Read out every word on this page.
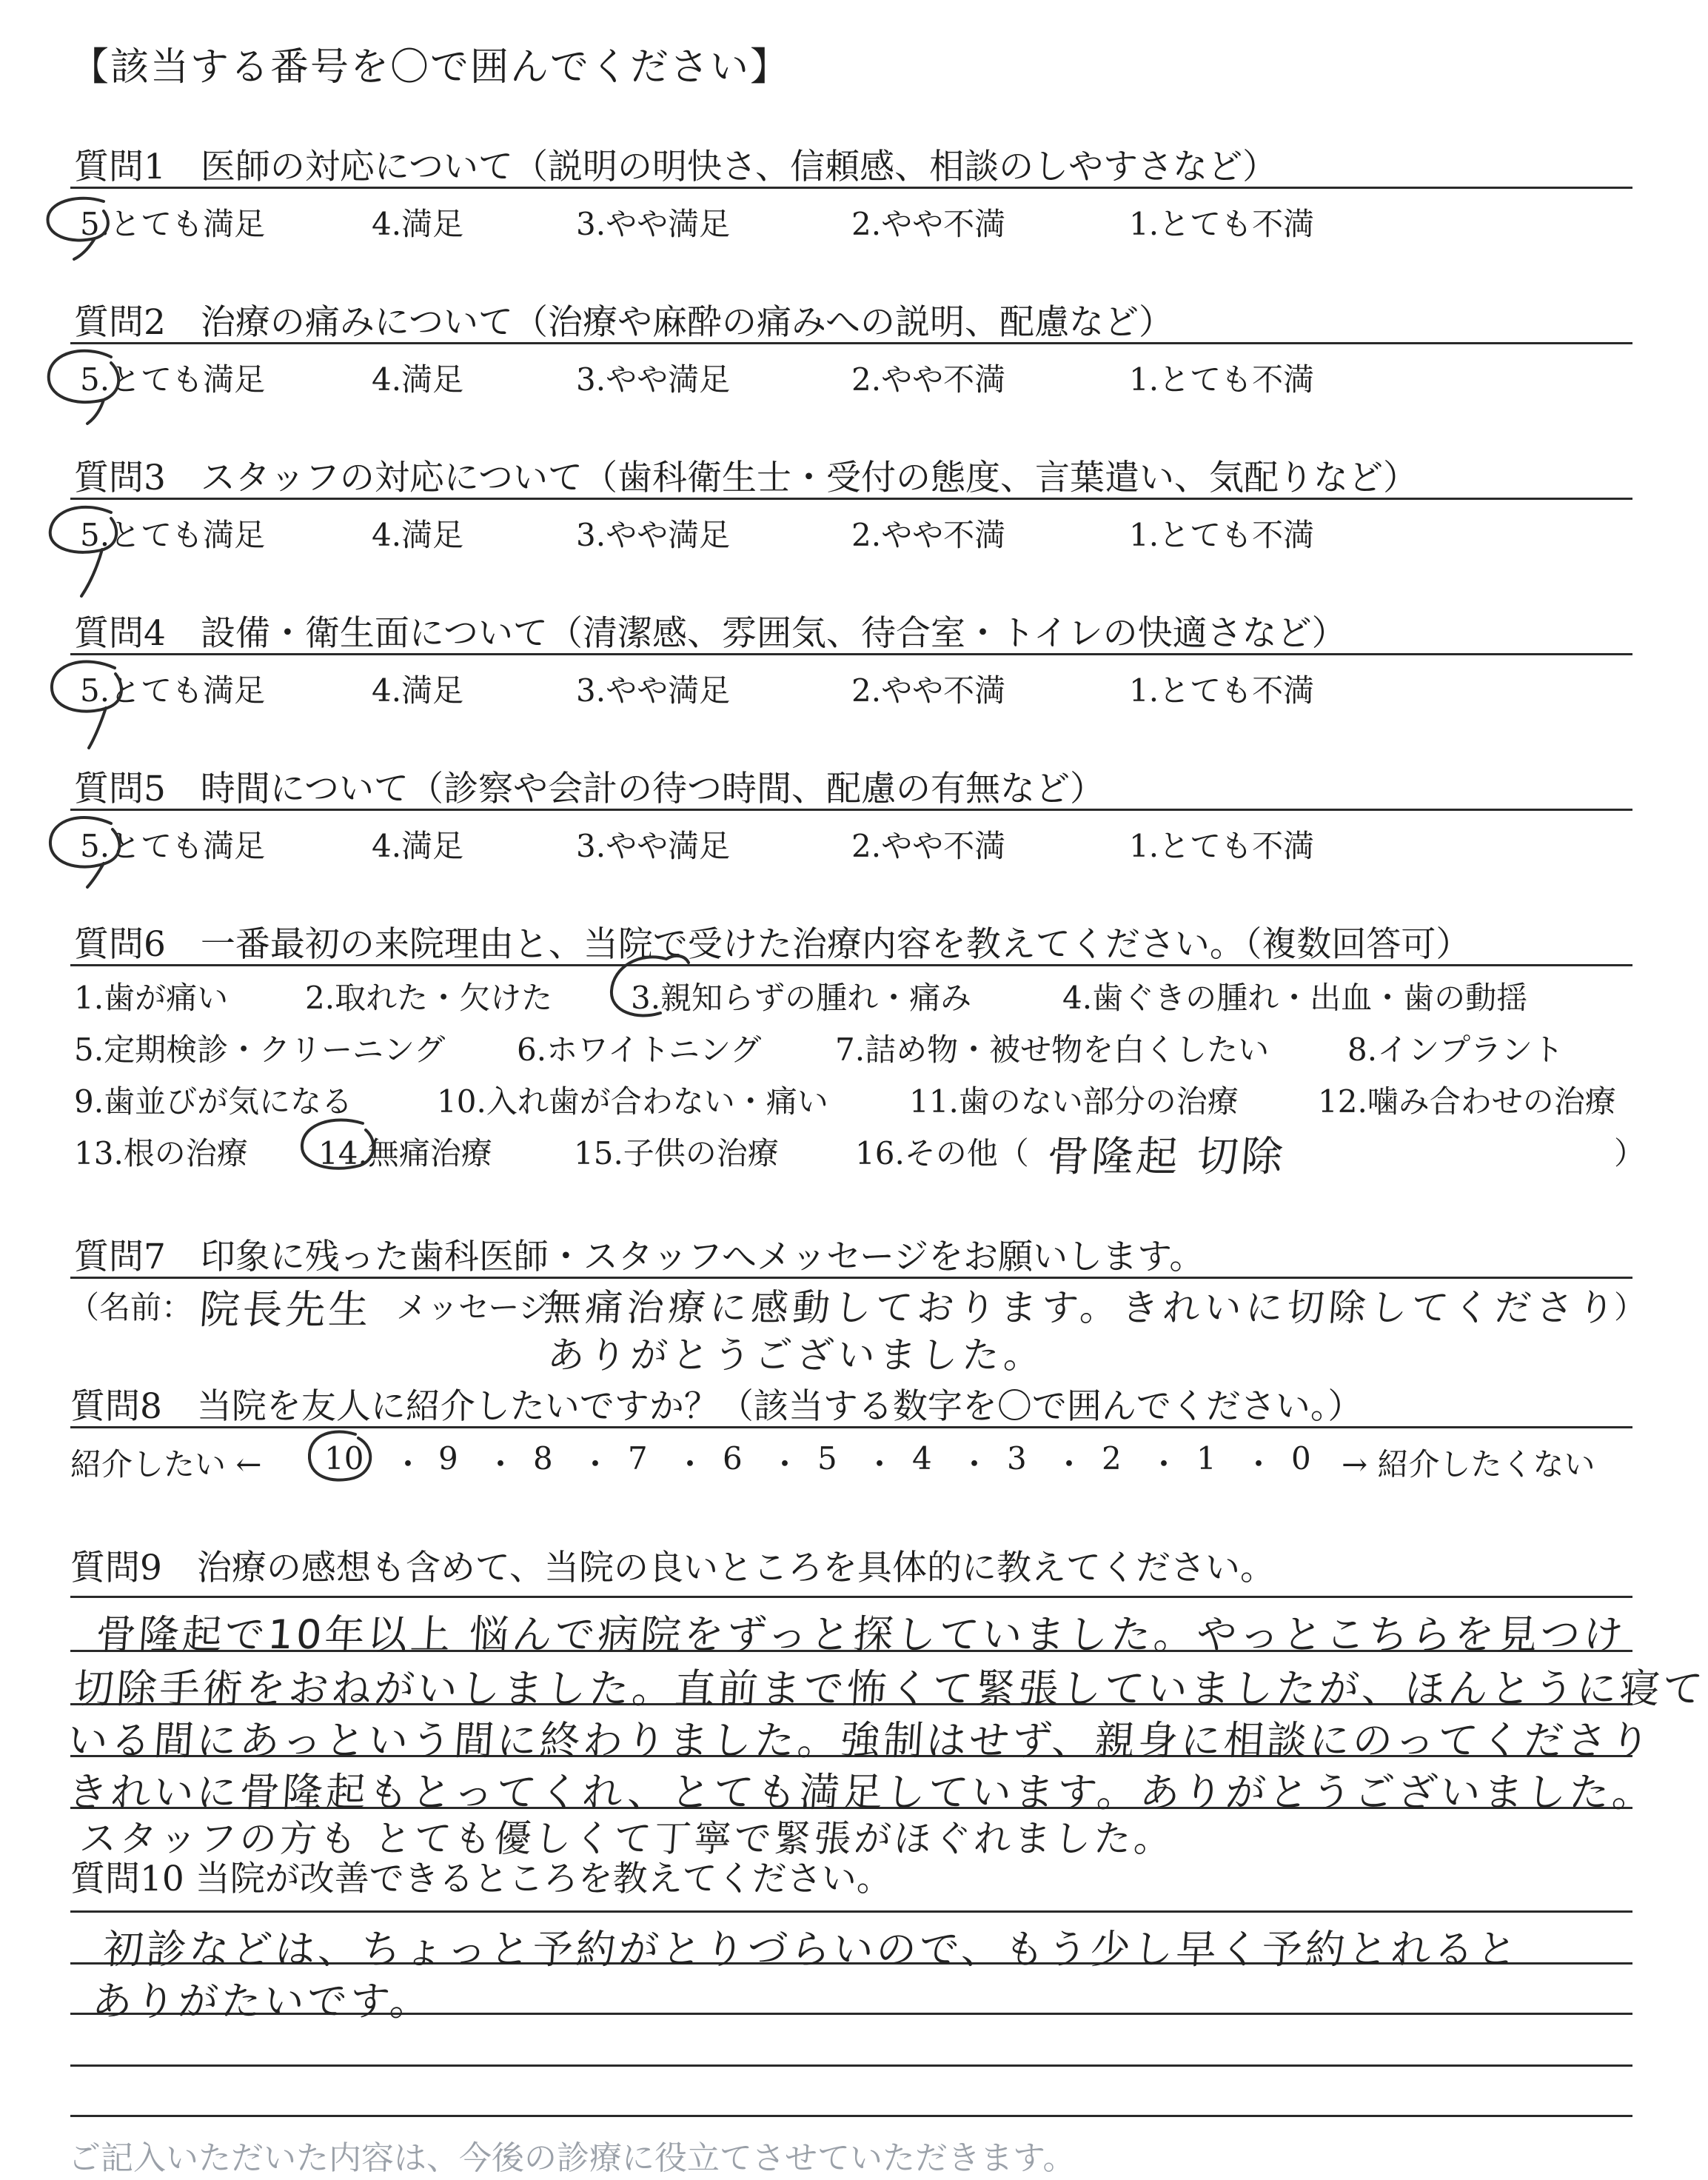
【該当する番号を〇で囲んでください】
質問1　医師の対応について（説明の明快さ、信頼感、相談のしやすさなど）
5.とても満足	4.満足	3.やや満足	2.やや不満	1.とても不満
質問2　治療の痛みについて（治療や麻酔の痛みへの説明、配慮など）
5.とても満足	4.満足	3.やや満足	2.やや不満	1.とても不満
質問3　スタッフの対応について（歯科衛生士・受付の態度、言葉遣い、気配りなど）
5.とても満足	4.満足	3.やや満足	2.やや不満	1.とても不満
質問4　設備・衛生面について（清潔感、雰囲気、待合室・トイレの快適さなど）
5.とても満足	4.満足	3.やや満足	2.やや不満	1.とても不満
質問5　時間について（診察や会計の待つ時間、配慮の有無など）
5.とても満足	4.満足	3.やや満足	2.やや不満	1.とても不満
質問6　一番最初の来院理由と、当院で受けた治療内容を教えてください。（複数回答可）
1.歯が痛い 2.取れた・欠けた	3.親知らずの腫れ・痛み	4.歯ぐきの腫れ・出血・歯の動揺
5.定期検診・クリーニング 6.ホワイトニング 7.詰め物・被せ物を白くしたい	8.インプラント
9.歯並びが気になる	10.入れ歯が合わない・痛い	11.歯のない部分の治療	12.噛み合わせの治療
13.根の治療 14.無痛治療	15.子供の治療 16.その他（ 骨隆起 切除	）
質問7　印象に残った歯科医師・スタッフへメッセージをお願いします。
（名前： 院長先生 メッセージ：
無痛治療に感動しております。きれいに切除してくださり
ありがとうございました。
）
質問8　当院を友人に紹介したいですか？（該当する数字を〇で囲んでください。）
紹介したい ← 10 ・ 9 ・ 8 ・ 7 ・ 6 ・ 5 ・ 4 ・ 3 ・ 2 ・ 1 ・ 0 → 紹介したくない
質問9　治療の感想も含めて、当院の良いところを具体的に教えてください。
骨隆起で10年以上 悩んで病院をずっと探していました。やっとこちらを見つけ
切除手術をおねがいしました。直前まで怖くて緊張していましたが、ほんとうに寝て
いる間にあっという間に終わりました。強制はせず、親身に相談にのってくださり
きれいに骨隆起もとってくれ、とても満足しています。ありがとうございました。
スタッフの方も とても優しくて丁寧で緊張がほぐれました。
質問10 当院が改善できるところを教えてください。
初診などは、ちょっと予約がとりづらいので、もう少し早く予約とれると
ありがたいです。
ご記入いただいた内容は、今後の診療に役立てさせていただきます。
